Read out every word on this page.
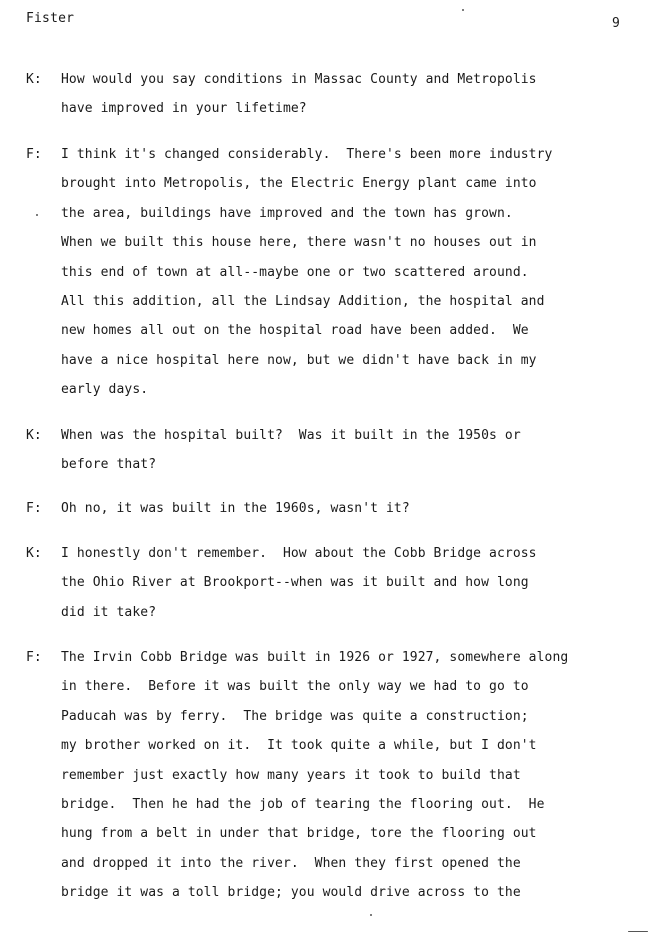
Fister	9
K: How would you say conditions in Massac County and Metropolis
have improved in your lifetime?
F: I think it's changed considerably.  There's been more industry
brought into Metropolis, the Electric Energy plant came into
the area, buildings have improved and the town has grown.
When we built this house here, there wasn't no houses out in
this end of town at all--maybe one or two scattered around.
All this addition, all the Lindsay Addition, the hospital and
new homes all out on the hospital road have been added.  We
have a nice hospital here now, but we didn't have back in my
early days.
K: When was the hospital built?  Was it built in the 1950s or
before that?
F: Oh no, it was built in the 1960s, wasn't it?
K: I honestly don't remember.  How about the Cobb Bridge across
the Ohio River at Brookport--when was it built and how long
did it take?
F: The Irvin Cobb Bridge was built in 1926 or 1927, somewhere along
in there.  Before it was built the only way we had to go to
Paducah was by ferry.  The bridge was quite a construction;
my brother worked on it.  It took quite a while, but I don't
remember just exactly how many years it took to build that
bridge.  Then he had the job of tearing the flooring out.  He
hung from a belt in under that bridge, tore the flooring out
and dropped it into the river.  When they first opened the
bridge it was a toll bridge; you would drive across to the
